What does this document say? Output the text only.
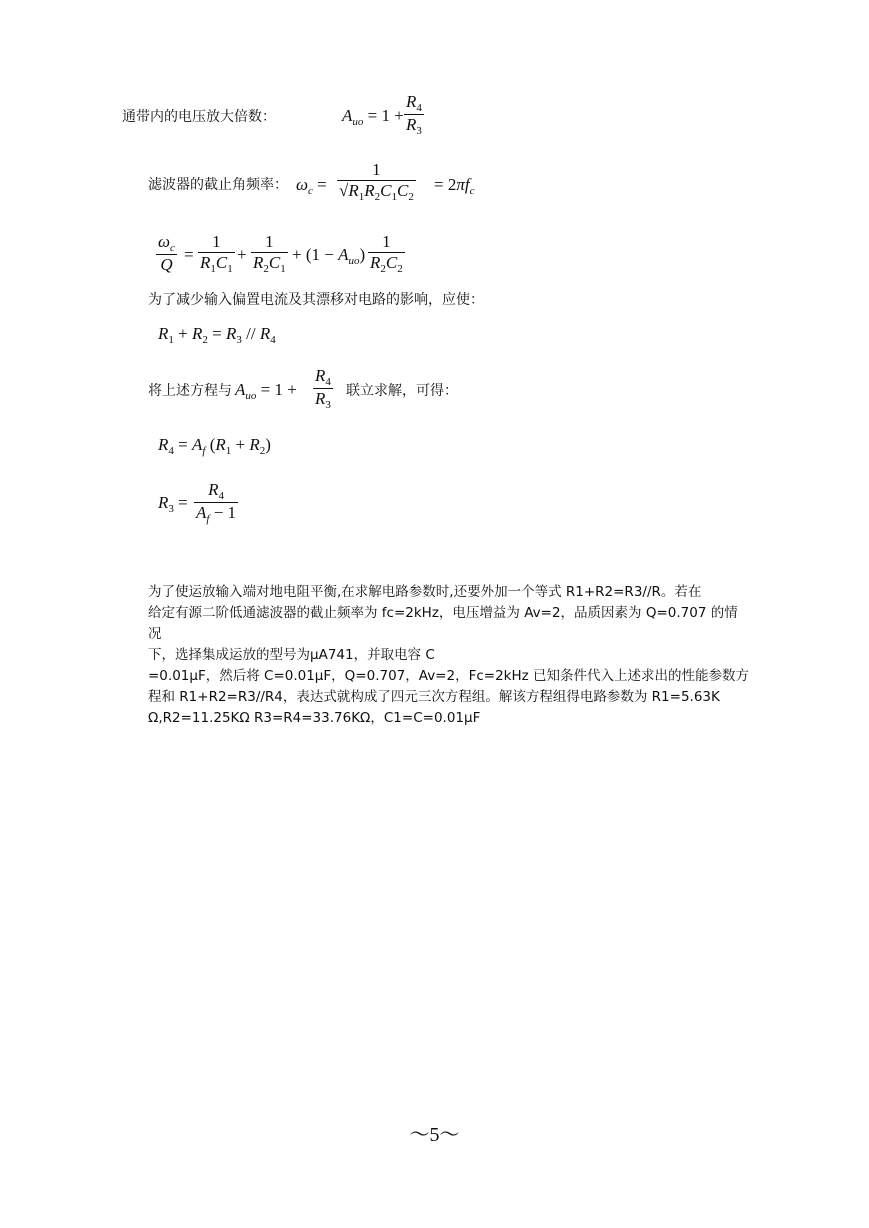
通带内的电压放大倍数：	$A_{uo} = 1 + \frac{R_4}{R_3}$
滤波器的截止角频率： $\omega_c = \frac{1}{√R_1R_2C_1C_2} = 2\pi f_c$
$\frac{\omega_c}{Q} = \frac{1}{R_1C_1} + \frac{1}{R_2C_1} + (1 - A_{uo}) \frac{1}{R_2C_2}$
为了减少输入偏置电流及其漂移对电路的影响，应使：
$R_1 + R_2 = R_3 // R_4$
将上述方程与 $A_{uo} = 1 + \frac{R_4}{R_3}$ 联立求解，可得：
$R_4 = A_f$ $(R_1 + R_2)$
$R_3 = \frac{R_4}{A_f - 1}$
为了使运放输入端对地电阻平衡,在求解电路参数时,还要外加一个等式 R1+R2=R3//R。若在
给定有源二阶低通滤波器的截止频率为 fc=2kHz，电压增益为 Av=2，品质因素为 Q=0.707 的情
况
下，选择集成运放的型号为μA741，并取电容 C
=0.01μF，然后将 C=0.01μF，Q=0.707，Av=2，Fc=2kHz 已知条件代入上述求出的性能参数方
程和 R1+R2=R3//R4，表达式就构成了四元三次方程组。解该方程组得电路参数为 R1=5.63K
Ω,R2=11.25KΩ R3=R4=33.76KΩ，C1=C=0.01μF
～5～
